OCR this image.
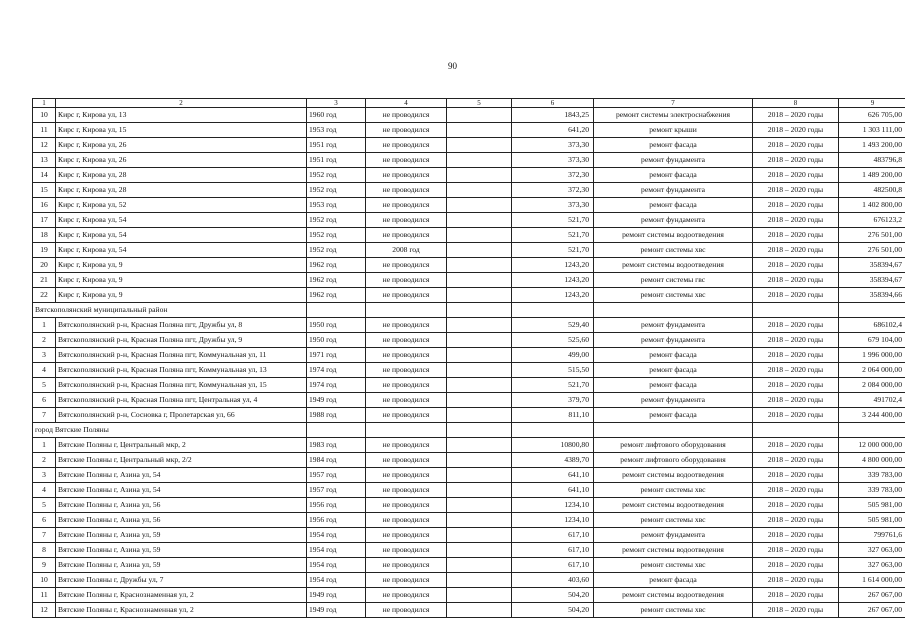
90
1	2	3	4	5	6	7	8	9
10	Кирс г, Кирова ул, 13	1960 год	не проводился		1843,25	ремонт системы электроснабжения	2018 – 2020 годы	626 705,00
11	Кирс г, Кирова ул, 15	1953 год	не проводился		641,20	ремонт крыши	2018 – 2020 годы	1 303 111,00
12	Кирс г, Кирова ул, 26	1951 год	не проводился		373,30	ремонт фасада	2018 – 2020 годы	1 493 200,00
13	Кирс г, Кирова ул, 26	1951 год	не проводился		373,30	ремонт фундамента	2018 – 2020 годы	483796,8
14	Кирс г, Кирова ул, 28	1952 год	не проводился		372,30	ремонт фасада	2018 – 2020 годы	1 489 200,00
15	Кирс г, Кирова ул, 28	1952 год	не проводился		372,30	ремонт фундамента	2018 – 2020 годы	482500,8
16	Кирс г, Кирова ул, 52	1953 год	не проводился		373,30	ремонт фасада	2018 – 2020 годы	1 402 800,00
17	Кирс г, Кирова ул, 54	1952 год	не проводился		521,70	ремонт фундамента	2018 – 2020 годы	676123,2
18	Кирс г, Кирова ул, 54	1952 год	не проводился		521,70	ремонт системы водоотведения	2018 – 2020 годы	276 501,00
19	Кирс г, Кирова ул, 54	1952 год	2008 год		521,70	ремонт системы хвс	2018 – 2020 годы	276 501,00
20	Кирс г, Кирова ул, 9	1962 год	не проводился		1243,20	ремонт системы водоотведения	2018 – 2020 годы	358394,67
21	Кирс г, Кирова ул, 9	1962 год	не проводился		1243,20	ремонт системы гвс	2018 – 2020 годы	358394,67
22	Кирс г, Кирова ул, 9	1962 год	не проводился		1243,20	ремонт системы хвс	2018 – 2020 годы	358394,66
Вятскополянский муниципальный район								
1	Вятскополянский р-н, Красная Поляна пгт, Дружбы ул, 8	1950 год	не проводился		529,40	ремонт фундамента	2018 – 2020 годы	686102,4
2	Вятскополянский р-н, Красная Поляна пгт, Дружбы ул, 9	1950 год	не проводился		525,60	ремонт фундамента	2018 – 2020 годы	679 104,00
3	Вятскополянский р-н, Красная Поляна пгт, Коммунальная ул, 11	1971 год	не проводился		499,00	ремонт фасада	2018 – 2020 годы	1 996 000,00
4	Вятскополянский р-н, Красная Поляна пгт, Коммунальная ул, 13	1974 год	не проводился		515,50	ремонт фасада	2018 – 2020 годы	2 064 000,00
5	Вятскополянский р-н, Красная Поляна пгт, Коммунальная ул, 15	1974 год	не проводился		521,70	ремонт фасада	2018 – 2020 годы	2 084 000,00
6	Вятскополянский р-н, Красная Поляна пгт, Центральная ул, 4	1949 год	не проводился		379,70	ремонт фундамента	2018 – 2020 годы	491702,4
7	Вятскополянский р-н, Сосновка г, Пролетарская ул, 66	1988 год	не проводился		811,10	ремонт фасада	2018 – 2020 годы	3 244 400,00
город Вятские Поляны								
1	Вятские Поляны г, Центральный мкр, 2	1983 год	не проводился		10800,80	ремонт лифтового оборудования	2018 – 2020 годы	12 000 000,00
2	Вятские Поляны г, Центральный мкр, 2/2	1984 год	не проводился		4389,70	ремонт лифтового оборудования	2018 – 2020 годы	4 800 000,00
3	Вятские Поляны г, Азина ул, 54	1957 год	не проводился		641,10	ремонт системы водоотведения	2018 – 2020 годы	339 783,00
4	Вятские Поляны г, Азина ул, 54	1957 год	не проводился		641,10	ремонт системы хвс	2018 – 2020 годы	339 783,00
5	Вятские Поляны г, Азина ул, 56	1956 год	не проводился		1234,10	ремонт системы водоотведения	2018 – 2020 годы	505 981,00
6	Вятские Поляны г, Азина ул, 56	1956 год	не проводился		1234,10	ремонт системы хвс	2018 – 2020 годы	505 981,00
7	Вятские Поляны г, Азина ул, 59	1954 год	не проводился		617,10	ремонт фундамента	2018 – 2020 годы	799761,6
8	Вятские Поляны г, Азина ул, 59	1954 год	не проводился		617,10	ремонт системы водоотведения	2018 – 2020 годы	327 063,00
9	Вятские Поляны г, Азина ул, 59	1954 год	не проводился		617,10	ремонт системы хвс	2018 – 2020 годы	327 063,00
10	Вятские Поляны г, Дружбы ул, 7	1954 год	не проводился		403,60	ремонт фасада	2018 – 2020 годы	1 614 000,00
11	Вятские Поляны г, Краснознаменная ул, 2	1949 год	не проводился		504,20	ремонт системы водоотведения	2018 – 2020 годы	267 067,00
12	Вятские Поляны г, Краснознаменная ул, 2	1949 год	не проводился		504,20	ремонт системы хвс	2018 – 2020 годы	267 067,00
